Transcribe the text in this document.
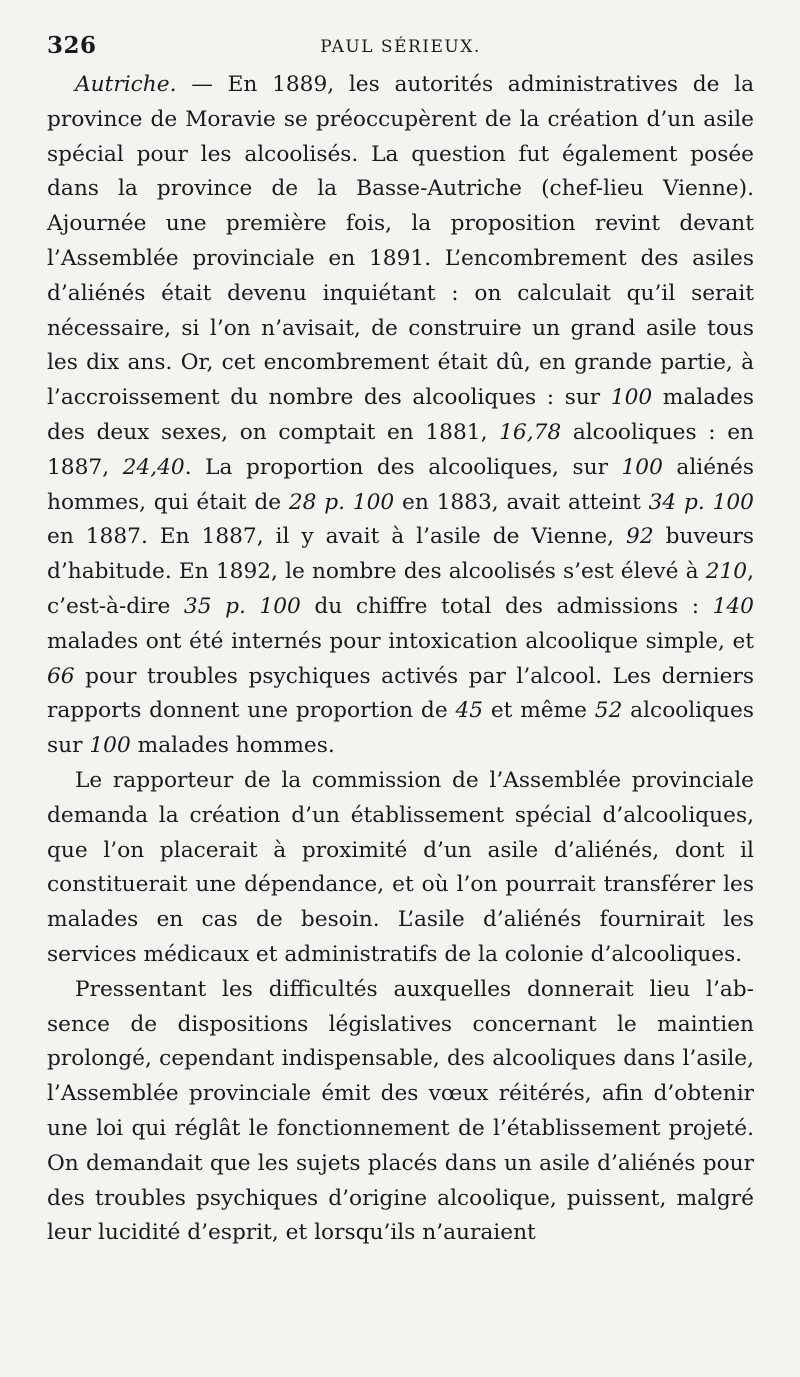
326	PAUL SÉRIEUX.

Autriche. — En 1889, les autorités administratives de la province de Moravie se préoccupèrent de la création d’un asile spécial pour les alcoolisés. La question fut également posée dans la province de la Basse-Autriche (chef-lieu Vienne). Ajournée une première fois, la proposition revint devant l’Assemblée provinciale en 1891. L’encombrement des asiles d’aliénés était devenu inquiétant : on calculait qu’il serait nécessaire, si l’on n’avisait, de construire un grand asile tous les dix ans. Or, cet encombrement était dû, en grande partie, à l’accroissement du nombre des alcooliques : sur 100 malades des deux sexes, on comptait en 1881, 16,78 alcooliques : en 1887, 24,40. La proportion des alcooliques, sur 100 aliénés hommes, qui était de 28 p. 100 en 1883, avait atteint 34 p. 100 en 1887. En 1887, il y avait à l’asile de Vienne, 92 buveurs d’habitude. En 1892, le nombre des alcoolisés s’est élevé à 210, c’est-à-dire 35 p. 100 du chiffre total des admissions : 140 malades ont été internés pour intoxication alcoolique simple, et 66 pour troubles psychiques activés par l’alcool. Les derniers rapports donnent une proportion de 45 et même 52 alcooliques sur 100 malades hommes.

Le rapporteur de la commission de l’Assemblée provinciale demanda la création d’un établissement spécial d’alcooliques, que l’on placerait à proximité d’un asile d’aliénés, dont il constituerait une dépendance, et où l’on pourrait transférer les malades en cas de besoin. L’asile d’aliénés fournirait les services médicaux et administratifs de la colonie d’alcooliques.

Pressentant les difficultés auxquelles donnerait lieu l’absence de dispositions législatives concernant le maintien prolongé, cependant indispensable, des alcooliques dans l’asile, l’Assemblée provinciale émit des vœux réitérés, afin d’obtenir une loi qui réglât le fonctionnement de l’établissement projeté. On demandait que les sujets placés dans un asile d’aliénés pour des troubles psychiques d’origine alcoolique, puissent, malgré leur lucidité d’esprit, et lorsqu’ils n’auraient
